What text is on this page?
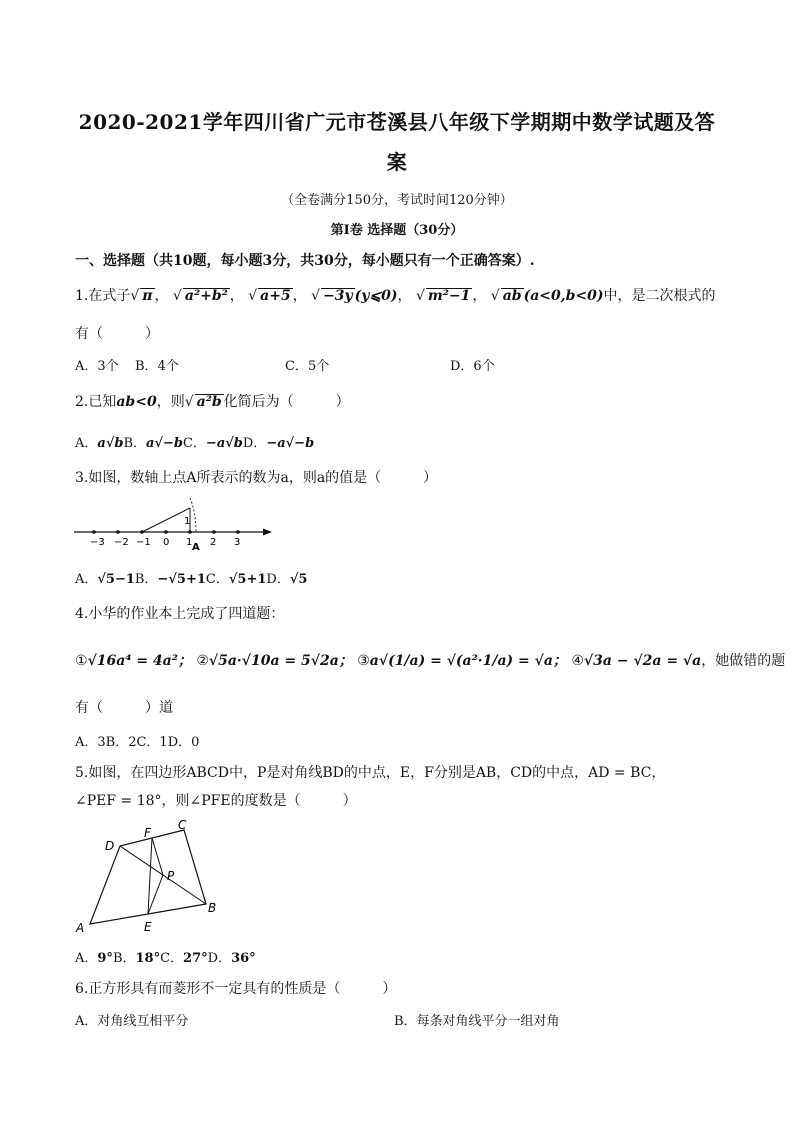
2020-2021学年四川省广元市苍溪县八年级下学期期中数学试题及答
案
（全卷满分150分，考试时间120分钟）
第Ⅰ卷 选择题（30分）
一、选择题（共10题，每小题3分，共30分，每小题只有一个正确答案）.
1.在式子√ π ， √ a²+b² ， √ a+5 ， √ −3y (y⩽0)， √ m²−1 ， √ ab (a<0,b<0)中，是二次根式的
有（　　　）
A．3个 B．4个	C．5个	D．6个
2.已知ab<0，则√ a²b 化简后为（　　　）
A．a√bB．a√−bC．−a√bD．−a√−b
3.如图，数轴上点A所表示的数为a，则a的值是（　　　）
1
−3 −2 −1 0 1 2 3
A
A．√5−1B．−√5+1C．√5+1D．√5
4.小华的作业本上完成了四道题：
①√16a⁴ = 4a²； ②√5a·√10a = 5√2a； ③a√(1/a) = √(a²·1/a) = √a； ④√3a − √2a = √a，她做错的题
有（　　　）道
A．3B．2C．1D．0
5.如图，在四边形ABCD中，P是对角线BD的中点，E，F分别是AB，CD的中点，AD = BC，
∠PEF = 18°，则∠PFE的度数是（　　　）
A
B
C
D
E
F
P
A．9°B．18°C．27°D．36°
6.正方形具有而菱形不一定具有的性质是（　　　）
A．对角线互相平分	B．每条对角线平分一组对角
